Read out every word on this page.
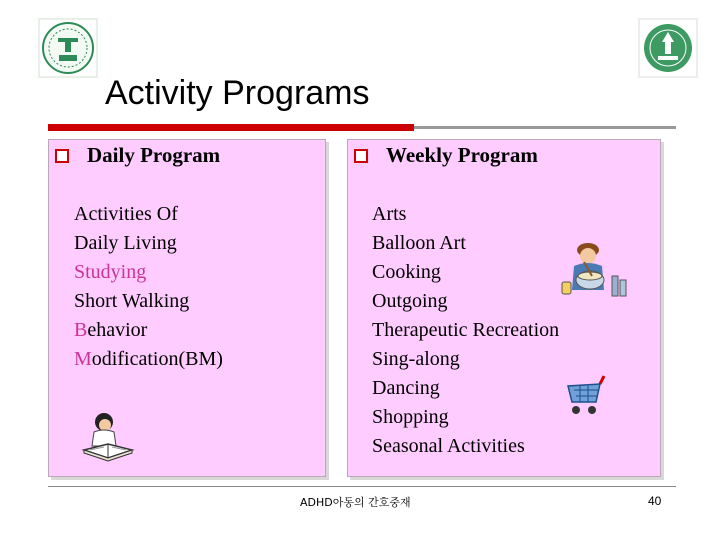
Activity Programs
Daily Program
Activities Of
Daily Living
Studying
Short Walking
Behavior
Modification(BM)
Weekly Program
Arts
Balloon Art
Cooking
Outgoing
Therapeutic Recreation
Sing-along
Dancing
Shopping
Seasonal Activities
ADHD아동의 간호중재	40
